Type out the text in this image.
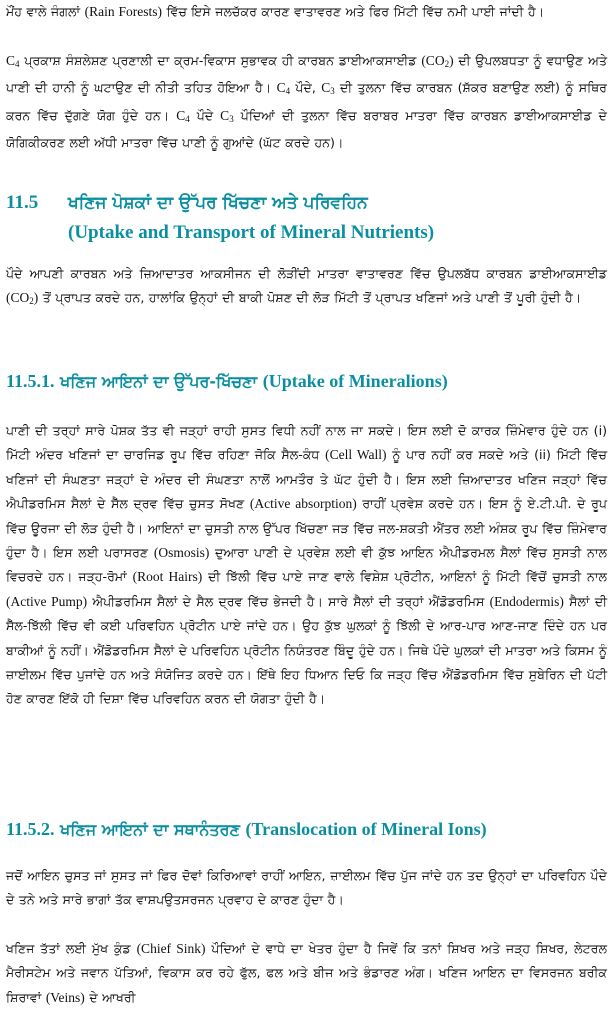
ਮੌਂਹ ਵਾਲੇ ਜੰਗਲਾਂ (Rain Forests) ਵਿੱਚ ਇਸੇ ਜਲਚੱਕਰ ਕਾਰਣ ਵਾਤਾਵਰਣ ਅਤੇ ਫਿਰ ਮਿੱਟੀ ਵਿੱਚ ਨਮੀ ਪਾਈ ਜਾਂਦੀ ਹੈ।

$C_4$ ਪ੍ਰਕਾਸ਼ ਸੰਸ਼ਲੇਸ਼ਣ ਪ੍ਰਣਾਲੀ ਦਾ ਕ੍ਰਮ-ਵਿਕਾਸ ਸੁਭਾਵਕ ਹੀ ਕਾਰਬਨ ਡਾਈਆਕਸਾਈਡ $(CO_2)$ ਦੀ ਉਪਲਬਧਤਾ ਨੂੰ ਵਧਾਉਣ ਅਤੇ ਪਾਣੀ ਦੀ ਹਾਨੀ ਨੂੰ ਘਟਾਉਣ ਦੀ ਨੀਤੀ ਤਹਿਤ ਹੋਇਆ ਹੈ। $C_4$ ਪੌਦੇ, $C_3$ ਦੀ ਤੁਲਨਾ ਵਿੱਚ ਕਾਰਬਨ (ਸ਼ੱਕਰ ਬਣਾਉਣ ਲਈ) ਨੂੰ ਸਥਿਰ ਕਰਨ ਵਿੱਚ ਦੁੱਗਣੇ ਯੋਗ ਹੁੰਦੇ ਹਨ। $C_4$ ਪੌਦੇ $C_3$ ਪੌਦਿਆਂ ਦੀ ਤੁਲਨਾ ਵਿੱਚ ਬਰਾਬਰ ਮਾਤਰਾ ਵਿੱਚ ਕਾਰਬਨ ਡਾਈਆਕਸਾਈਡ ਦੇ ਯੋਗਿਕੀਕਰਣ ਲਈ ਅੱਧੀ ਮਾਤਰਾ ਵਿੱਚ ਪਾਣੀ ਨੂੰ ਗੁਆਂਦੇ (ਘੱਟ ਕਰਦੇ ਹਨ)।

11.5 ਖਣਿਜ ਪੋਸ਼ਕਾਂ ਦਾ ਉੱਪਰ ਖਿੱਚਣਾ ਅਤੇ ਪਰਿਵਹਿਨ

(Uptake and Transport of Mineral Nutrients)

ਪੌਦੇ ਆਪਣੀ ਕਾਰਬਨ ਅਤੇ ਜ਼ਿਆਦਾਤਰ ਆਕਸੀਜਨ ਦੀ ਲੋੜੀਂਦੀ ਮਾਤਰਾ ਵਾਤਾਵਰਣ ਵਿੱਚ ਉਪਲਬੱਧ ਕਾਰਬਨ ਡਾਈਆਕਸਾਈਡ $(CO_2)$ ਤੋਂ ਪ੍ਰਾਪਤ ਕਰਦੇ ਹਨ, ਹਾਲਾਂਕਿ ਉਨ੍ਹਾਂ ਦੀ ਬਾਕੀ ਪੋਸ਼ਣ ਦੀ ਲੋੜ ਮਿੱਟੀ ਤੋਂ ਪ੍ਰਾਪਤ ਖਣਿਜਾਂ ਅਤੇ ਪਾਣੀ ਤੋਂ ਪੂਰੀ ਹੁੰਦੀ ਹੈ।

11.5.1. ਖਣਿਜ ਆਇਨਾਂ ਦਾ ਉੱਪਰ-ਖਿੱਚਣਾ (Uptake of Mineralions)

ਪਾਣੀ ਦੀ ਤਰ੍ਹਾਂ ਸਾਰੇ ਪੋਸ਼ਕ ਤੱਤ ਵੀ ਜੜ੍ਹਾਂ ਰਾਹੀ ਸੁਸਤ ਵਿਧੀ ਨਹੀਂ ਨਾਲ ਜਾ ਸਕਦੇ। ਇਸ ਲਈ ਦੋ ਕਾਰਕ ਜ਼ਿੰਮੇਵਾਰ ਹੁੰਦੇ ਹਨ (i) ਮਿੱਟੀ ਅੰਦਰ ਖਣਿਜਾਂ ਦਾ ਚਾਰਜਿਡ ਰੂਪ ਵਿੱਚ ਰਹਿਣਾ ਜੋਕਿ ਸੈਲ-ਕੰਧ (Cell Wall) ਨੂੰ ਪਾਰ ਨਹੀਂ ਕਰ ਸਕਦੇ ਅਤੇ (ii) ਮਿੱਟੀ ਵਿੱਚ ਖਣਿਜਾਂ ਦੀ ਸੰਘਣਤਾ ਜੜ੍ਹਾਂ ਦੇ ਅੰਦਰ ਦੀ ਸੰਘਣਤਾ ਨਾਲੋਂ ਆਮਤੌਰ ਤੇ ਘੱਟ ਹੁੰਦੀ ਹੈ। ਇਸ ਲਈ ਜ਼ਿਆਦਾਤਰ ਖਣਿਜ ਜੜ੍ਹਾਂ ਵਿੱਚ ਐਪੀਡਰਮਿਸ ਸੈਲਾਂ ਦੇ ਸੈੱਲ ਦ੍ਰਵ ਵਿੱਚ ਚੁਸਤ ਸੋਖਣ (Active absorption) ਰਾਹੀਂ ਪ੍ਰਵੇਸ਼ ਕਰਦੇ ਹਨ। ਇਸ ਨੂੰ ਏ.ਟੀ.ਪੀ. ਦੇ ਰੂਪ ਵਿੱਚ ਊਰਜਾ ਦੀ ਲੋੜ ਹੁੰਦੀ ਹੈ। ਆਇਨਾਂ ਦਾ ਚੁਸਤੀ ਨਾਲ ਉੱਪਰ ਖਿੱਚਣਾ ਜੜ ਵਿੱਚ ਜਲ-ਸ਼ਕਤੀ ਐਂਤਰ ਲਈ ਅੰਸ਼ਕ ਰੂਪ ਵਿੱਚ ਜ਼ਿੰਮੇਵਾਰ ਹੁੰਦਾ ਹੈ। ਇਸ ਲਈ ਪਰਾਸਰਣ (Osmosis) ਦੁਆਰਾ ਪਾਣੀ ਦੇ ਪ੍ਰਵੇਸ਼ ਲਈ ਵੀ ਕੁੱਝ ਆਇਨ ਐਪੀਡਰਮਲ ਸੈਲਾਂ ਵਿੱਚ ਸੁਸਤੀ ਨਾਲ ਵਿਚਰਦੇ ਹਨ। ਜੜ੍ਹ-ਰੋਮਾਂ (Root Hairs) ਦੀ ਝਿੱਲੀ ਵਿੱਚ ਪਾਏ ਜਾਣ ਵਾਲੇ ਵਿਸ਼ੇਸ਼ ਪ੍ਰੋਟੀਨ, ਆਇਨਾਂ ਨੂੰ ਮਿੱਟੀ ਵਿੱਚੋਂ ਚੁਸਤੀ ਨਾਲ (Active Pump) ਐਪੀਡਰਮਿਸ ਸੈਲਾਂ ਦੇ ਸੈਲ ਦ੍ਰਵ ਵਿੱਚ ਭੇਜਦੀ ਹੈ। ਸਾਰੇ ਸੈਲਾਂ ਦੀ ਤਰ੍ਹਾਂ ਐਂਡੋਡਰਮਿਸ (Endodermis) ਸੈਲਾਂ ਦੀ ਸੈੱਲ-ਝਿੱਲੀ ਵਿੱਚ ਵੀ ਕਈ ਪਰਿਵਹਿਨ ਪ੍ਰੋਟੀਨ ਪਾਏ ਜਾਂਦੇ ਹਨ। ਉਹ ਕੁੱਝ ਘੁਲਕਾਂ ਨੂੰ ਝਿੱਲੀ ਦੇ ਆਰ-ਪਾਰ ਆਣ-ਜਾਣ ਦਿੰਦੇ ਹਨ ਪਰ ਬਾਕੀਆਂ ਨੂੰ ਨਹੀਂ। ਐਂਡੋਡਰਮਿਸ ਸੈਲਾਂ ਦੇ ਪਰਿਵਹਿਨ ਪ੍ਰੋਟੀਨ ਨਿਯੰਤਰਣ ਬਿੰਦੂ ਹੁੰਦੇ ਹਨ। ਜਿਥੇ ਪੌਦੇ ਘੁਲਕਾਂ ਦੀ ਮਾਤਰਾ ਅਤੇ ਕਿਸਮ ਨੂੰ ਜ਼ਾਈਲਮ ਵਿੱਚ ਪੁਜਾਂਦੇ ਹਨ ਅਤੇ ਸੰਯੋਜਿਤ ਕਰਦੇ ਹਨ। ਇੱਥੇ ਇਹ ਧਿਆਨ ਦਿਓ ਕਿ ਜੜ੍ਹ ਵਿੱਚ ਐਂਡੋਡਰਮਿਸ ਵਿੱਚ ਸੁਬੇਰਿਨ ਦੀ ਪੱਟੀ ਹੋਣ ਕਾਰਣ ਇੱਕੋ ਹੀ ਦਿਸ਼ਾ ਵਿੱਚ ਪਰਿਵਹਿਨ ਕਰਨ ਦੀ ਯੋਗਤਾ ਹੁੰਦੀ ਹੈ।

11.5.2. ਖਣਿਜ ਆਇਨਾਂ ਦਾ ਸਥਾਨੰਤਰਣ (Translocation of Mineral Ions)

ਜਦੋਂ ਆਇਨ ਚੁਸਤ ਜਾਂ ਸੁਸਤ ਜਾਂ ਫਿਰ ਦੋਵਾਂ ਕਿਰਿਆਵਾਂ ਰਾਹੀਂ ਆਇਨ, ਜ਼ਾਈਲਮ ਵਿੱਚ ਪੁੱਜ ਜਾਂਦੇ ਹਨ ਤਦ ਉਨ੍ਹਾਂ ਦਾ ਪਰਿਵਹਿਨ ਪੌਦੇ ਦੇ ਤਨੇ ਅਤੇ ਸਾਰੇ ਭਾਗਾਂ ਤੱਕ ਵਾਸ਼ਪਉਤਸਰਜਨ ਪ੍ਰਵਾਹ ਦੇ ਕਾਰਣ ਹੁੰਦਾ ਹੈ।

ਖਣਿਜ ਤੱਤਾਂ ਲਈ ਮੁੱਖ ਕੁੰਡ (Chief Sink) ਪੌਦਿਆਂ ਦੇ ਵਾਧੇ ਦਾ ਖੇਤਰ ਹੁੰਦਾ ਹੈ ਜਿਵੇਂ ਕਿ ਤਨਾਂ ਸ਼ਿਖਰ ਅਤੇ ਜੜ੍ਹ ਸ਼ਿਖਰ, ਲੇਟਰਲ ਮੈਰੀਸਟੇਮ ਅਤੇ ਜਵਾਨ ਪੱਤਿਆਂ, ਵਿਕਾਸ ਕਰ ਰਹੇ ਫੁੱਲ, ਫਲ ਅਤੇ ਬੀਜ ਅਤੇ ਭੰਡਾਰਣ ਅੰਗ। ਖਣਿਜ ਆਇਨ ਦਾ ਵਿਸਰਜਨ ਬਰੀਕ ਸ਼ਿਰਾਵਾਂ (Veins) ਦੇ ਆਖਰੀ
